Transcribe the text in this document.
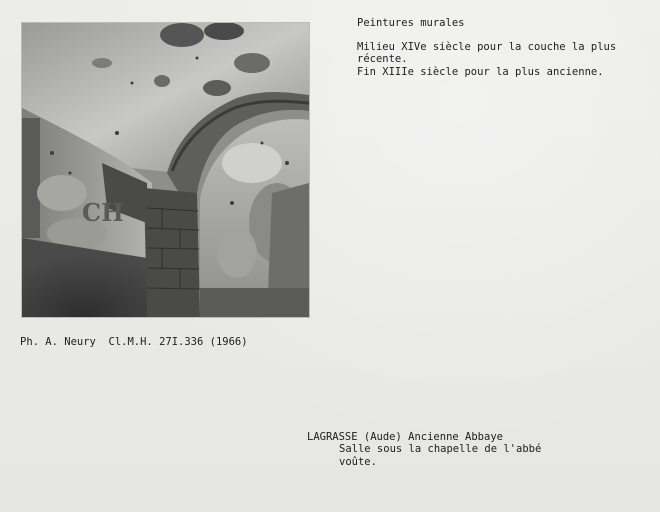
CH
Peintures murales
Milieu XIVe siècle pour la couche la plus
récente.
Fin XIIIe siècle pour la plus ancienne.
Ph. A. Neury  Cl.M.H. 27I.336 (1966)
LAGRASSE (Aude) Ancienne Abbaye
Salle sous la chapelle de l'abbé
voûte.
